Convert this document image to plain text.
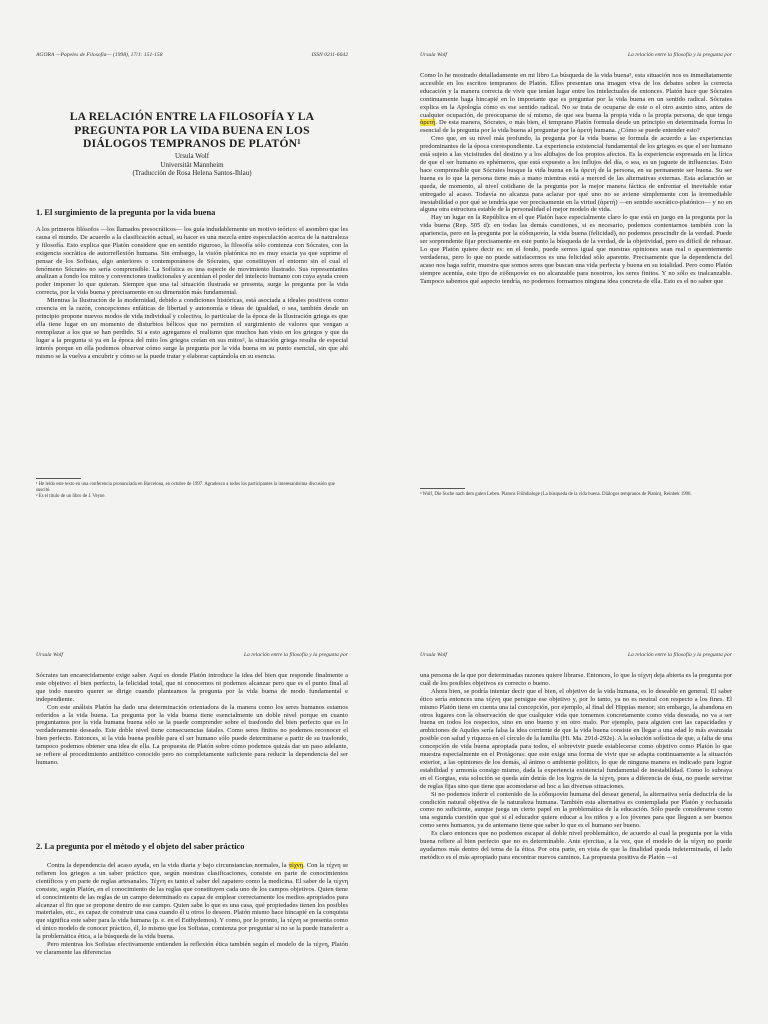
AGORA —Papeles de Filosofía— (1998), 17/1: 151-158	ISSN 0211-6642
LA RELACIÓN ENTRE LA FILOSOFÍA Y LA
PREGUNTA POR LA VIDA BUENA EN LOS
DIÁLOGOS TEMPRANOS DE PLATÓN¹
Ursula Wolf
Universität Mannheim
(Traducción de Rosa Helena Santos-Ihlau)
1. El surgimiento de la pregunta por la vida buena

A los primeros filósofos —los llamados presocráticos— los guía indudablemente un motivo teórico: el asombro que les causa el mundo. De acuerdo a la clasificación actual, su hacer es una mezcla entre especulación acerca de la naturaleza y filosofía. Esto explica que Platón considere que en sentido riguroso, la filosofía sólo comienza con Sócrates, con la exigencia socrática de autorreflexión humana. Sin embargo, la visión platónica no es muy exacta ya que suprime el pensar de los Sofistas, algo anteriores o contemporáneos de Sócrates, que constituyen el entorno sin el cual el fenómeno Sócrates no sería comprensible. La Sofística es una especie de movimiento ilustrado. Sus representantes analizan a fondo los mitos y convenciones tradicionales y acentúan el poder del intelecto humano con cuya ayuda creen poder imponer lo que quieran. Siempre que una tal situación ilustrada se presenta, surge la pregunta por la vida correcta, por la vida buena y precisamente en su dimensión más fundamental.

Mientras la Ilustración de la modernidad, debido a condiciones históricas, está asociada a ideales positivos como creencia en la razón, concepciones enfáticas de libertad y autonomía e ideas de igualdad, o sea, también desde un principio propone nuevos modos de vida individual y colectiva, lo particular de la época de la Ilustración griega es que ella tiene lugar en un momento de disturbios bélicos que no permiten el surgimiento de valores que vengan a reemplazar a los que se han perdido. Si a esto agregamos el realismo que muchos han visto en los griegos y que da lugar a la pregunta si ya en la época del mito los griegos creían en sus mitos², la situación griega resulta de especial interés porque en ella podemos observar cómo surge la pregunta por la vida buena en su punto esencial, sin que ahí mismo se la vuelva a encubrir y cómo se la puede tratar y elaborar captándola en su esencia.

¹ He leído este texto en una conferencia pronunciada en Barcelona, en octubre de 1997. Agradezco a todos los participantes la interesantísima discusión que suscitó.
² Es el título de un libro de J. Veyne.
Ursula Wolf	La relación entre la filosofía y la pregunta por

Como lo he mostrado detalladamente en mi libro La búsqueda de la vida buena³, esta situación nos es inmediatamente accesible en los escritos tempranos de Platón. Ellos presentan una imagen viva de los debates sobre la correcta educación y la manera correcta de vivir que tenían lugar entre los intelectuales de entonces. Platón hace que Sócrates continuamente haga hincapié en lo importante que es preguntar por la vida buena en un sentido radical. Sócrates explica en la Apología cómo es ese sentido radical. No se trata de ocuparse de este o el otro asunto sino, antes de cualquier ocupación, de preocuparse de sí mismo, de que sea buena la propia vida o la propia persona, de que tenga ἀρετή. De esta manera, Sócrates, o más bien, el temprano Platón formula desde un principio en determinada forma lo esencial de la pregunta por la vida buena al preguntar por la ἀρετή humana. ¿Cómo se puede entender esto?

Creo que, en su nivel más profundo, la pregunta por la vida buena se formula de acuerdo a las experiencias predominantes de la época correspondiente. La experiencia existencial fundamental de los griegos es que el ser humano está sujeto a las vicisitudes del destino y a los altibajos de los propios afectos. Es la experiencia expresada en la lírica de que el ser humano es ephémeros, que está expuesto a los influjos del día, o sea, es un juguete de influencias. Esto hace comprensible que Sócrates busque la vida buena en la ἀρετή de la persona, en su permanente ser buena. Su ser buena es lo que la persona tiene más a mano mientras está a merced de las alternativas externas. Esta aclaración se queda, de momento, al nivel cotidiano de la pregunta por la mejor manera fáctica de enfrentar el inevitable estar entregado al acaso. Todavía no alcanza para aclarar por qué uno no se aviene simplemente con la irremediable inestabilidad o por qué se tendría que ver precisamente en la virtud (ἀρετή) —en sentido socrático-platónico— y no en alguna otra estructura estable de la personalidad el mejor modelo de vida.

Hay un lugar en la República en el que Platón hace especialmente claro lo que está en juego en la pregunta por la vida buena (Rep. 505 d): en todas las demás cuestiones, si es necesario, podemos contentarnos también con la apariencia, pero en la pregunta por la εὐδαιμονία, la vida buena (felicidad), no podemos prescindir de la verdad. Puede ser sorprendente fijar precisamente en este punto la búsqueda de la verdad, de la objetividad, pero es difícil de rehusar. Lo que Platón quiere decir es: en el fondo, puede sernos igual que nuestras opiniones sean real o aparentemente verdaderas, pero lo que no puede satisfacernos es una felicidad sólo aparente. Precisamente que la dependencia del acaso nos haga sufrir, muestra que somos seres que buscan una vida perfecta y buena en su totalidad. Pero como Platón siempre acentúa, este tipo de εὐδαιμονία es no alcanzable para nosotros, los seres finitos. Y no sólo es inalcanzable. Tampoco sabemos qué aspecto tendría, no podemos formarnos ninguna idea concreta de ella. Esto es el no saber que

³ Wolf, Die Suche nach dem guten Leben. Platons Frühdialoge (La búsqueda de la vida buena. Diálogos tempranos de Platón), Reinbek 1996.
Ursula Wolf	La relación entre la filosofía y la pregunta por

Sócrates tan encarecidamente exige saber. Aquí es donde Platón introduce la idea del bien que responde finalmente a este objetivo: el bien perfecto, la felicidad total, que ni conocemos ni podemos alcanzar pero que es el punto final al que todo nuestro querer se dirige cuando planteamos la pregunta por la vida buena de modo fundamental e independiente.

Con este análisis Platón ha dado una determinación orientadora de la manera como los seres humanos estamos referidos a la vida buena. La pregunta por la vida buena tiene esencialmente un doble nivel porque en cuanto preguntamos por la vida humana buena sólo se la puede comprender sobre el trasfondo del bien perfecto que es lo verdaderamente deseado. Este doble nivel tiene consecuencias fatales. Como seres finitos no podemos reconocer el bien perfecto. Entonces, si la vida buena posible para el ser humano sólo puede determinarse a partir de su trasfondo, tampoco podemos obtener una idea de ella. La propuesta de Platón sobre cómo podemos quizás dar un paso adelante, se refiere al procedimiento antitético conocido pero no completamente suficiente para reducir la dependencia del ser humano.

2. La pregunta por el método y el objeto del saber práctico

Contra la dependencia del acaso ayuda, en la vida diaria y bajo circunstancias normales, la τέχνη. Con la τέχνη se refieren los griegos a un saber práctico que, según nuestras clasificaciones, consiste en parte de conocimientos científicos y en parte de reglas artesanales. Τέχνη es tanto el saber del zapatero como la medicina. El saber de la τέχνη consiste, según Platón, en el conocimiento de las reglas que constituyen cada uno de los campos objetivos. Quien tiene el conocimiento de las reglas de un campo determinado es capaz de emplear correctamente los medios apropiados para alcanzar el fin que se propone dentro de ese campo. Quien sabe lo que es una casa, qué propiedades tienen los posibles materiales, etc., es capaz de construir una casa cuando él u otros lo deseen. Platón mismo hace hincapié en la conquista que significa este saber para la vida humana (p. e. en el Euthydemos). Y como, por lo pronto, la τέχνη se presenta como el único modelo de conocer práctico, él, lo mismo que los Sofistas, comienza por preguntar si no se la puede transferir a la problemática ética, a la búsqueda de la vida buena.

Pero mientras los Sofistas efectivamente entienden la reflexión ética también según el modelo de la τέχνη, Platón ve claramente las diferencias

Ursula Wolf	La relación entre la filosofía y la pregunta por

una persona de la que por determinadas razones quiere librarse. Entonces, lo que la τέχνη deja abierta es la pregunta por cuál de los posibles objetivos es correcto o bueno.

Ahora bien, se podría intentar decir que el bien, el objetivo de la vida humana, es lo deseable en general. El saber ético sería entonces una τέχνη que persigue ese objetivo y, por lo tanto, ya no es neutral con respecto a los fines. El mismo Platón tiene en cuenta una tal concepción, por ejemplo, al final del Hippias menor; sin embargo, la abandona en otros lugares con la observación de que cualquier vida que tomemos concretamente como vida deseada, no va a ser buena en todos los respectos, sino en uno bueno y en otro malo. Por ejemplo, para alguien con las capacidades y ambiciones de Aquiles sería falsa la idea corriente de que la vida buena consiste en llegar a una edad lo más avanzada posible con salud y riqueza en el círculo de la familia (Hi. Ma. 291d-292e). A la solución sofística de que, a falta de una concepción de vida buena apropiada para todos, el sobrevivir puede establecerse como objetivo como Platón lo que muestra especialmente en el Protágoras: que este exige una forma de vivir que se adapta continuamente a la situación exterior, a las opiniones de los demás, al ánimo o ambiente político, lo que de ninguna manera es indicado para lograr estabilidad y armonía consigo mismo, dada la experiencia existencial fundamental de inestabilidad. Como lo subraya en el Gorgias, esta solución se queda aún detrás de los logros de la τέχνη, pues a diferencia de ésta, no puede servirse de reglas fijas sino que tiene que acomodarse ad hoc a las diversas situaciones.

Si no podemos inferir el contenido de la εὐδαιμονία humana del desear general, la alternativa sería deducirla de la condición natural objetiva de la naturaleza humana. También esta alternativa es contemplada por Platón y rechazada como no suficiente, aunque juega un cierto papel en la problemática de la educación. Sólo puede considerarse como una segunda cuestión que qué si el educador quiere educar a los niños y a los jóvenes para que lleguen a ser buenos como seres humanos, ya de antemano tiene que saber lo que es el humano ser bueno.

Es claro entonces que no podemos escapar al doble nivel problemático, de acuerdo al cual la pregunta por la vida buena refiere al bien perfecto que no es determinable. Ante ejercitas, a la vez, que el modelo de la τέχνη no puede ayudarnos más dentro del tema de la ética. Por otra parte, en vista de que la finalidad queda indeterminada, el lado metódico es el más apropiado para encontrar nuevos caminos. La propuesta positiva de Platón —si
